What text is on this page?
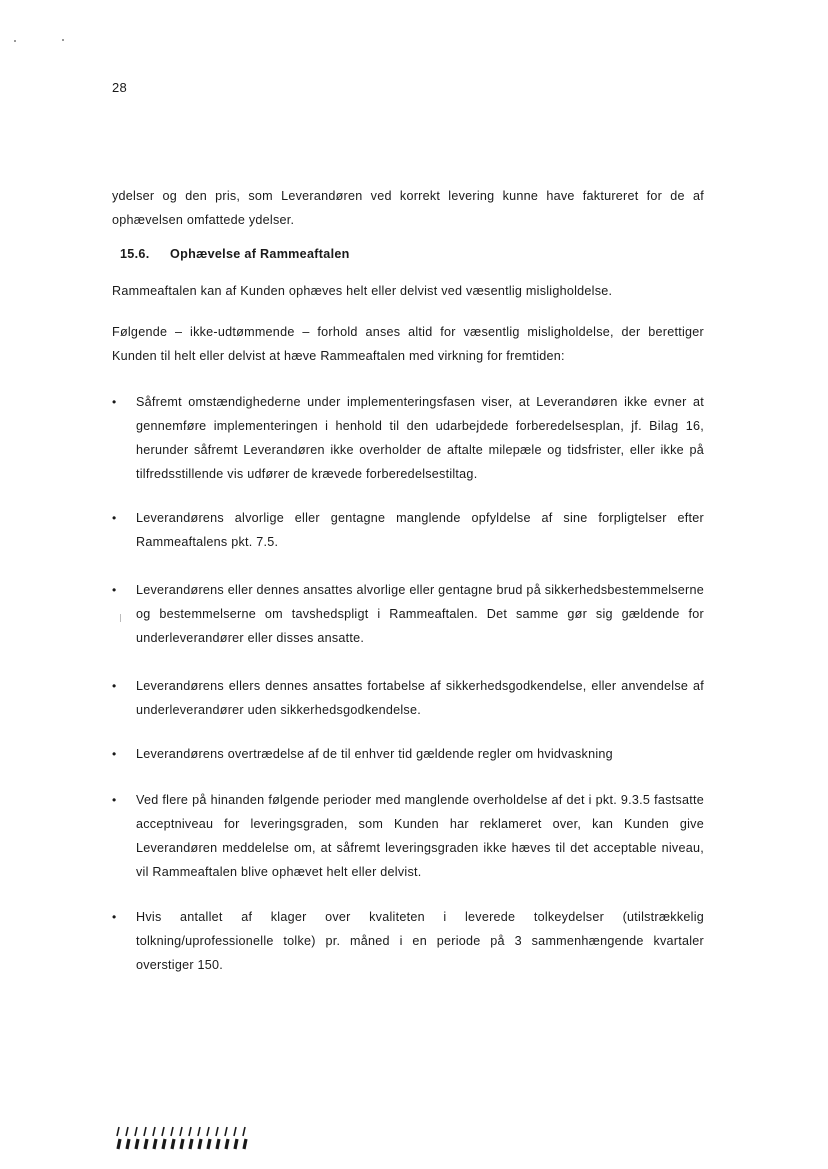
28

ydelser og den pris, som Leverandøren ved korrekt levering kunne have faktureret for de af ophævelsen omfattede ydelser.

15.6. Ophævelse af Rammeaftalen

Rammeaftalen kan af Kunden ophæves helt eller delvist ved væsentlig misligholdelse.

Følgende – ikke-udtømmende – forhold anses altid for væsentlig misligholdelse, der berettiger Kunden til helt eller delvist at hæve Rammeaftalen med virkning for fremtiden:

• Såfremt omstændighederne under implementeringsfasen viser, at Leverandøren ikke evner at gennemføre implementeringen i henhold til den udarbejdede forberedelsesplan, jf. Bilag 16, herunder såfremt Leverandøren ikke overholder de aftalte milepæle og tidsfrister, eller ikke på tilfredsstillende vis udfører de krævede forberedelsestiltag.
• Leverandørens alvorlige eller gentagne manglende opfyldelse af sine forpligtelser efter Rammeaftalens pkt. 7.5.
• Leverandørens eller dennes ansattes alvorlige eller gentagne brud på sikkerhedsbestemmelserne og bestemmelserne om tavshedspligt i Rammeaftalen. Det samme gør sig gældende for underleverandører eller disses ansatte.
• Leverandørens ellers dennes ansattes fortabelse af sikkerhedsgodkendelse, eller anvendelse af underleverandører uden sikkerhedsgodkendelse.
• Leverandørens overtrædelse af de til enhver tid gældende regler om hvidvaskning
• Ved flere på hinanden følgende perioder med manglende overholdelse af det i pkt. 9.3.5 fastsatte acceptniveau for leveringsgraden, som Kunden har reklameret over, kan Kunden give Leverandøren meddelelse om, at såfremt leveringsgraden ikke hæves til det acceptable niveau, vil Rammeaftalen blive ophævet helt eller delvist.
• Hvis antallet af klager over kvaliteten i leverede tolkeydelser (utilstrækkelig tolkning/uprofessionelle tolke) pr. måned i en periode på 3 sammenhængende kvartaler overstiger 150.
